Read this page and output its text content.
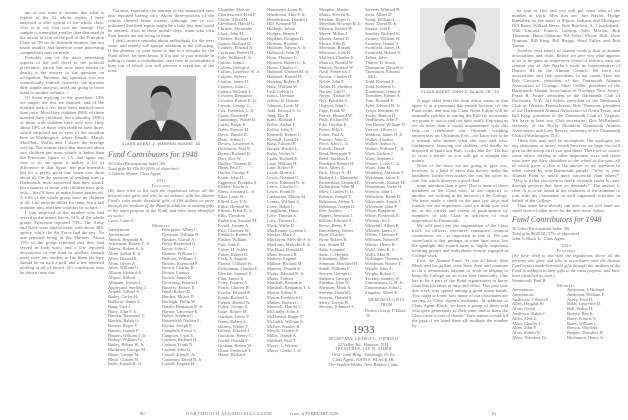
ant of one want to assume that what is typical of the 22 whose replies I have analyzed is also typical of the whole class, who is to say that you are wrong? Our sample is somewhat smaller than that used in the article in Life on the poll of the Princeton Class of '39 on its fifteenth reunion, but not much smaller, and therefore some interesting comparisons may be made.

Probably one of the most interesting aspects of the poll (next to the political preference, which has now been beaten to death) is the answer to the question on occupation. Because this question was not scientifically framed, however, the answers defy simple analysis, and I am going to leave them to another column.

Of those replying to the questions, 19% are single; the rest are married, and of the married men a few have been married more than once. Most have children (86% of those married have children), but a plurality (38%) of those with children have only two. Only about 18% of those with children have three, which surprised me in view of the situation here in Washington, where Fanelli, Marsh, MacPhail, Wallis and I shove the average way up. The returns show that there are about two children per man, which is better than the Princeton figure of 1.5—but again our year is so far apart it makes a lot of difference in that figure. (no pun intended, but it's a pretty good one when you think about it). On the question of sending sons to Dartmouth, most answered that they would, but a quarter of those with children have girls only—they'll have to make house parties do. A fifth of the whole group have no children at all. Life must be duller for them, but a full measure now and then wouldn't be so bad.

I was surprised at the number who had served in the armed forces, 81% of the whole group. Princeton reported 79%. The Army and Navy were almost even, with about 40% apiece, while the Air Force had the rest. No one reported being in the Marines. About 13% of the group reported that they had served in both wars, and a few reported decorations of one kind or another, though most were too modest to list them (as they should be on such a poll, and a few reported nothing at all of those). No conclusion may be drawn from this

I'm sure, especially the number of the unmarried ones also reported having cars. About three-quarters of the returns showed home owners, although one or two indicated that their equity might be a little less than could be desired. Also, in these mobile days, some who own their homes are not living in them.

I shall reserve remarks about individuals for the next issue, and merely call special attention to the following. If the absence of your name is due to a mistake by the Fund office, let them know. If it is due to your mistake in failing to make a contribution, start now to accumulate a kitty out of which you will prevent a repetition of the error.

CLASS AGENT J. WARREN MOORE '32
Fund Contributors for 1948
36 Gifts (Participation Index 39)
Total gifts $1,856.50 (65% of objective)
J. Warren Moore, Class Agent
1932
Founders
(We have tried to list with the regulations above all the persons who gave and who in accordance with the Alumni Fund's rules made threshold gifts of 100 dollars or more through the medium of the Fund in addition to making gifts to the main purpose of the Fund, and have been identified as such.)
Cross, Louis L.
Members
Anonymous
Anonymous
Abbott, Reginald H.
Ackerman, Robert T. Jr.
Adams, Robert S. Jr.
Allen, Arthur E. Jr.
Allen, Donald S.
Allen, Oliver S.
Allen, William G.
Allison, Richard A.
Allport, Milton
Allmann, Joseph J.
Appleyard, Sterling T.
Arnold, Gilbert A.
Bailey, Carlos H.
Baldwin, James A.
Bang, Carl J.
Barry, John F. Jr.
Bartlett, Raymond V.
Bartlett, Ralph G.
Bassett, Roger F.
Bassett, Joseph E.
Bassett, William J. Jr.
Bishop, William G.
Bailey, Robert W. Jr.
Blackmer, George M.
Blann, George M.
Bleck, Charles R.
Bolet, Joseph R. Jr.
Bourgeois, Albert C.
Bowman, William B.
Bowker, Carroll A.
Boyd, Raymond G.
Boyer, John C.
Bennett, William C.
Bellows, William T.
Brooks, Raymond P.
Brown, Charles B.
Brown, Francis
Brown, James R.
Browning, Francis L.
Buckley, Robert E.
Buell, Robert D.
Burdett, Milton D.
Burleigh, Philip W.
Burrill, Benjamin R. Jr.
Burton, Lawrence E.
Butler, Stephen C.
Butterfield, Nathan E.
Bryant, Joseph E.
Campbell, Forest C.
Campion, Cyril E.
Carlson, Richard H.
Carlson, Frank N.
Carlton, John G.
Carroll, John R. Jr.
Carpenter, David B. Jr.
Carroll, Eugene H.
Chandler, Marvin
Charlesworth, Fred F.
Childs, Alfred H.
Cleveland, Harold C.
Christie, Alexander
Clark, John M.
Cloutier, Richard T.
Coates, Richard D.
Coakley, Edward A.
Cochrane, Robert D.
Cole, William F. Jr.
Collins, John L.
Collins, George A.
Collins, Laurence W. Jr.
Colpitts, Robert
Conlon, James D.
Conners, John C.
Connor, Richard T.
Cowden, Benjamin
Cowden, Robert E. Jr.
Cowen, George C.
Cox, Frederick L. Jr.
Crane, Howard P.
Cummings, Walter D.
Curtis, Ralph E.
Daley, Francis M.
Davis, Harold R.
Dean, Arthur C.
Dewey, Lawrence A.
Dickinson, Paul R.
Doane, Richard H.
Dorr, Roy W.
Dudley, Thomas D.
Dunn, Paul C.
Durfee, George F.
Eaton, John D.
Eggleston, Franklin S.
Eichler, Edwin A.
Eilers, Leonard L. Jr.
Elias, Louis B.
Elliott, Leo T. Jr.
Elliot, Howard W.
Ellison, Frank E. Jr.
Ellis, Theodore
Emberson, Samuel M.
Ewald, Jerome A.
Faix, Clarence W.
Fendrich, Robert E.
Fiedler, William
Fish, John E.
Fisher, H. Ashby
Fisher, Robert D.
Fitch, A. Eugene
Flower, Clifford W.
Fleischman, Charles E.
Fletcher, Samuel K.
Flint, James E.
Foley, Francis A.
Foster, Charles H.
Fowler, Edward R.
Frank, Richard L.
French, Harold W.
Fuller, George A.
Gage, Robert M.
Gardner, Lewis P.
Gates, Robert S.
Gibson, Walter T.
Gilbert, Edward J.
Goodwin, Henry C.
Gould, Donald E.
Graham, Robert W.
Grant, Frederick T.
Hume, Richard
Hammond, Louis R.
Henderson, Max P. Jr.
Hendrickson, Donald J.
Hill, Kenneth M.
Hollings, Julian
Hodges, Homer F.
Hopkins, Douglas D.
Hofman, Richard
Hollister, Edwin A. Jr.
Holbrook, John M.
Hons, Thomas C.
Houston, Robert C. Jr.
Howe, Charles C.
Hubbard, Chester M. Jr.
Hubbard, Harold H.
Hunting, Robert R.
Hunt, William W.
Irish, Calvin G.
Isaacs, Herman
Jeffrey, R. Dennis
Johnson, Louis M.
Judd, Edward S. Jr.
Jung, Elie R.
Kane, Richard J.
Keller, Arthur F.
Kelley, John T.
Kennedy, Robert C.
Kimball, Frank H.
King, Edward P.
Knight, Harold L.
Kuhn, Walter S.
Lamb, Richard E.
Lane, William H.
Lash, Robert P.
Leeds, Morris L.
Lewis, Norman G.
Lewis, Edmund N. Jr.
Lewis, Charles C.
Lewis, Frank D.
Lindenthal, Milton M.
Lomas, William A.
Lowe, Ralph J.
Loughhane, Harry
Love, Thomas S.
Luce, Thomas L.
Mack, Willis D.
MacKenzie, Gordon C.
Mackie, Mark J.
MacLaren, Melville F. Jr.
MacLean, Malcolm F. Jr.
MacPhail, Donald R.
Main, Howard R.
Mallory, Eugene
Malone, Richard M.
Manson, Donald E.
Marks, Edward B. Jr.
Marks, Francis
Marshall, Benjamin
Marshall, Benjamin T. Jr.
Martin, Edwin S.
Mason, Frederick G.
Mathes, Robert C.
Maxwell, Harold C.
McCarthy, John J.
McDonald, Roger T.
McGrath, William E.
McKee, Stanley R.
Merrill, Charles F.
Miller, Joseph A.
Mitchell, Paul T.
Moore, J. Warren
Morse, Clarke J. Jr.
Meagher, Martin
Mattis, Everett K.
Meehan, Roger G.
Meredith, Howard R. Jr.
Merwin, Robert W.
Meyer, Milton J.
Moody, James D.
Moore, Ellis B.
Morrison, Russell
Morrison, John H.
Mulford, Charles E.
Munroe, Ronald W.
Murray, Richard W.
Nash, Frederick J.
Nevins, Charles H.
Noble, John F.
Nolan, H. Sheldon
Norton, Carl O.
Noyes, Nathan W.
Nye, Franklin S.
Osgood, John C.
Page, Frank W.
Pearce, Howard W.
Peck, Richard H.
Pike, Gordon E.
Porter, Ellis J.
Potter, Paul A.
Powers, John G.
Price, John C. Jr.
Purcell, David
Read, Benjamin P.
Reed, Sheldon F.
Reichard, Robert H.
Rice, Albert E.
Rich, Elmer A. III
Richard, L. Marquette
Richardson, Leonard E.
Richardson, John M.
Riley, Charles E. Jr.
Roberts, Joseph T.
Robinson, Arthur A.
Robinson, Joseph D.
Roe, Andrew
Rogers, Seymour J.
Rollins, Edward A.
Rowe, Henry P.
Ruesenberg, Walter
Ryan, Charles
Ryan, Robert B.
Sax, Simon M.
Saltz, Leonard
Saltz, C. Herbert
Schumann, Max
Simpson, Howland H.
Smith, William E.
Sawyer, George C.
Sanborn, George J.
Sheldon, John W.
Sherman, Mark A.
Stevens, Donald J.
Stevens, Donald S.
Sterry, Joseph B.
Stevens, Edmund A.
Stevens, Winfred B.
Stein, Albert D.
Stong, William L.
Story, David B. Jr.
Strauss, Joel E.
Strother, Richard E.
Swasey, William W.
Sweeney, Daniel A.
Swinfield, James H.
Swinfield, Robert S.
Talbot, John
Thayer, D. Stuart
Thompson, Donald A.
Thompson, Edward McC.
Todd, Bernard P.
Todd, Kenneth L.
Tomlinson, James S.
Trombley, Edwin A.
True, Richard F.
Tyler, Edward R. Jr.
Tyson, Sherman W.
Tuohy, Benton D.
VanBiesen, John F.
Van Dusen, William D.
Viereck, Oliver G.
Waldron, James H. Jr.
Walker, Charles
Walker, Arthur A.
Walton, William C. Jr.
Ward, Carlton J.
Ward, Stephen J.
Warner, Louis C. Jr.
Watts, John M.
Weinberg, Abraham F.
Weissman, Julius F.
Wentworth, Nathan M.
Westerman, Verne H.
Wooton, John T.
Whitelock, Ralph D.
Whitcomb, Austin J.
Whiteside, John P.
White, Benjamin
White, Frederick B.
Whittier, Ira C.
Whitehill, Albert P.
Whitten, James S.
Wilder, Clarence F.
Williams, Robert P.
Wilson, Henry R.
Wolff, John R. Jr.
Wolff, Max H.
Wolfinger, Thomas A.
Woodman, Robert T.
Wright, John A.
Wright, Robert C.
Yeckley, Stanley W.
Zimmerman, G. H. Jr.
Zimmerman, John G.
Zingales, Albert E.
MEMORIAL GIFTS FROM
Parker, George F. Black '30
1933
SECRETARY, GEORGE C. THEROLD
22 Valley Rd., Hanover, N.H.
TREASURER, LEE W. ASHER
1612 Grant Bldg., Pittsburgh 19, Pa.
Class Agent, JOHN S. BLACK JR.
The Stanley Works, New Britain, Conn.
CLASS AGENT JOHN S. BLACK JR. '33

A page sheet from the front office warns us that space is at a premium this month because it's the Fund issue, and that the Class Notes Editor will be unusually ruthless in cutting the Bull (as secretaries are prone to use to pad out their stuff). Enjoying as we do more than a casual acquaintance with this lady—on celebrated our fifteenth wedding anniversary on Christmas Eve—we know her to be a woman who means what she says and who, furthermore, knowing our dislikes, will hardly be disposed to spare our Bull. Looks like the '33s has to cross a barrel, so you will get it straight this month.

None of the news we are going to give you, however, is a kind of news that doesn't make the headlines, hardly ever makes the run, but gives its fare, but which deserves a good deal

more attention than it gets. That is none of those members of the Class who, in one capacity or another, are working in the interests of the College. We have made a check in the past few days and frankly we are impressed—and we think you will be, at the variety and extent of participation by members of this Class in activities of vital importance to Dartmouth.

We will pass over the organization of the Class itself, its officers, executive committee, reunion committees, etc., as important as that is. We can come back to that, perhaps, at some later issue, but the spotlight this month turns to highly important working groups and individuals closely engaged in College work.

First, the Alumni Fund. As you all know, Sam Black and his gallant crew have done and continue to do a tremendous amount of work in helping to keep the College on an even keel financially. One has to be a part of the Fund organization to know what this job takes in time and effort. This past year this work was spread among a good many hands. You ought to know how many of our classmates are serving as Class Agent's assistants. In addition to Class Agent Black, we have a group of thirty-odd who gave generously of their time, and to them the Class owes a vote of thanks. Their names would fill the page if we listed them all; multiply the number by

be four or five and you will get some idea of the number at work. Men that are: Jim Naylor, Hodge Ransallen for the states of Illinois, Indiana, and Michigan; Bill Bates, Willard Beers, Bob Brackett, A. Cruickshank, Walt Kincaid, Francis Lathrop, John Morton, Bob Thomson, Harry Osborne, Ed Foley, Moose Hall, Jesse Norman, Bill King, Bill Briggs, Ward Fuller, and Bob Turner.

Another vital aspect of alumni work is that of alumni associations and clubs. Before we give you what appears to us to be quite an impressive roster of officers, may we remind you of Jim Naylor's work as representative of District III on the Alumni Council. We have six associations and club presidents, to our count. They are Bob Crockett, president of the Dartmouth Alumni Association of Chicago; Sheri Oehler, president of the Dartmouth Alumni Association of Northern New Jersey; Frank B. Foster, president of the Dartmouth Club of Rochester, N.Y.; Art Sykes, president of the Dartmouth Club of Western Pennsylvania; Bob Thomson, president of the Dartmouth Alumni Association of North Texas; and Bill King, president of the Dartmouth Club of Virginia. We have at least two Club secretaries, Doc McFarland, secretary of the Rocky Mountain Dartmouth Alumni Association, and Cary Reeves, secretary of the Dartmouth Club of Washington, D.C.

These lists may well be incomplete. Our apologies for any omissions or errors, which however we hope you will give us the scoop on if you spot them. There are of course some others serving in other important ways and those who have put their shoulders to the wheel in the past, all of which gives a clue to the answer to the question so often raised by non-Dartmouth people: "Why is your Alumni Fund so much more successful than others?" "Why is it that you seem to find it so much easier to carry through projects that have no demands?" The answer is clear. It is to be found in the readiness of the alumnus to join with his classmates in well organized activities in behalf of the College.

Thus some have already run over, so we will hand our small store of other news for the next issue. Adios.

Fund Contributors for 1948
36 Gifts (Participation Index 39)
Total gifts $628.50 (37% of objective)
John S. Black Jr., Class Agent
1933
Founders
(We have tried to list with the regulations above all the persons who gave and who in accordance with the Alumni Fund's rules made threshold gifts through the medium of the Fund in addition to their gifts to the main purpose, and have been identified as such.)
Wentworth, Paul R.
Members
Anonymous
Anonymous
Anderson, J. Russell
Allen, Douglas W.
Allen, Gould
Anderson, Ralph J.
Allen, Alva E.
Allen, Charles T.
Allen, John P.
Allen, Robert R.
Allen, Theodore W.
Anderson, J. Richard
Anderson, William E.
Avery, Fred H.
Babb, Lawrence D.
Ball, Walter H.
Barbey, Ben K.
Barry, Francis A.
Bates, William L.
Beeson, Winfield
Bergen, Theodore H.
Birchmore, Henry Jr.
80	DARTMOUTH ALUMNI MAGAZINE	Issue of FEBRUARY 1949	81
